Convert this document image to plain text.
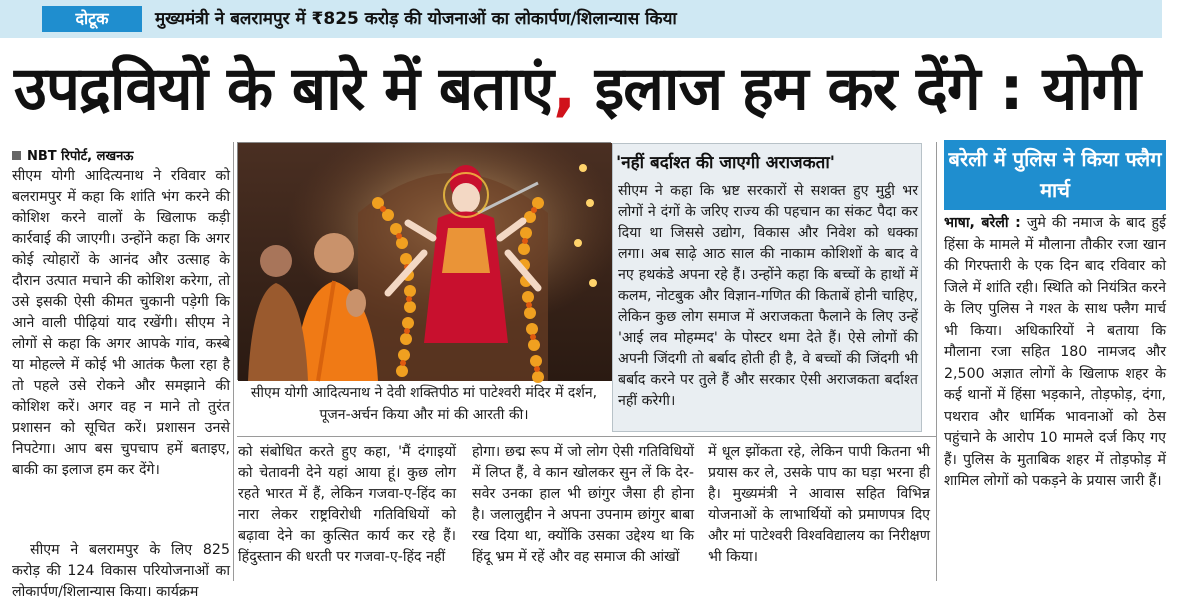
दोटूक	मुख्यमंत्री ने बलरामपुर में ₹825 करोड़ की योजनाओं का लोकार्पण/शिलान्यास किया
उपद्रवियों के बारे में बताएं, इलाज हम कर देंगे : योगी
NBT रिपोर्ट, लखनऊ
सीएम योगी आदित्यनाथ ने रविवार को बलरामपुर में कहा कि शांति भंग करने की कोशिश करने वालों के खिलाफ कड़ी कार्रवाई की जाएगी। उन्होंने कहा कि अगर कोई त्योहारों के आनंद और उत्साह के दौरान उत्पात मचाने की कोशिश करेगा, तो उसे इसकी ऐसी कीमत चुकानी पड़ेगी कि आने वाली पीढ़ियां याद रखेंगी। सीएम ने लोगों से कहा कि अगर आपके गांव, कस्बे या मोहल्ले में कोई भी आतंक फैला रहा है तो पहले उसे रोकने और समझाने की कोशिश करें। अगर वह न माने तो तुरंत प्रशासन को सूचित करें। प्रशासन उनसे निपटेगा। आप बस चुपचाप हमें बताइए, बाकी का इलाज हम कर देंगे।
सीएम ने बलरामपुर के लिए 825 करोड़ की 124 विकास परियोजनाओं का लोकार्पण/शिलान्यास किया। कार्यक्रम
सीएम योगी आदित्यनाथ ने देवी शक्तिपीठ मां पाटेश्वरी मंदिर में दर्शन, पूजन-अर्चन किया और मां की आरती की।
'नहीं बर्दाश्त की जाएगी अराजकता'
सीएम ने कहा कि भ्रष्ट सरकारों से सशक्त हुए मुट्ठी भर लोगों ने दंगों के जरिए राज्य की पहचान का संकट पैदा कर दिया था जिससे उद्योग, विकास और निवेश को धक्का लगा। अब साढ़े आठ साल की नाकाम कोशिशों के बाद वे नए हथकंडे अपना रहे हैं। उन्होंने कहा कि बच्चों के हाथों में कलम, नोटबुक और विज्ञान-गणित की किताबें होनी चाहिए, लेकिन कुछ लोग समाज में अराजकता फैलाने के लिए उन्हें 'आई लव मोहम्मद' के पोस्टर थमा देते हैं। ऐसे लोगों की अपनी जिंदगी तो बर्बाद होती ही है, वे बच्चों की जिंदगी भी बर्बाद करने पर तुले हैं और सरकार ऐसी अराजकता बर्दाश्त नहीं करेगी।
को संबोधित करते हुए कहा, 'मैं दंगाइयों को चेतावनी देने यहां आया हूं। कुछ लोग रहते भारत में हैं, लेकिन गजवा-ए-हिंद का नारा लेकर राष्ट्रविरोधी गतिविधियों को बढ़ावा देने का कुत्सित कार्य कर रहे हैं। हिंदुस्तान की धरती पर गजवा-ए-हिंद नहीं
होगा। छद्म रूप में जो लोग ऐसी गतिविधियों में लिप्त हैं, वे कान खोलकर सुन लें कि देर-सवेर उनका हाल भी छांगुर जैसा ही होना है। जलालुद्दीन ने अपना उपनाम छांगुर बाबा रख दिया था, क्योंकि उसका उद्देश्य था कि हिंदू भ्रम में रहें और वह समाज की आंखों
में धूल झोंकता रहे, लेकिन पापी कितना भी प्रयास कर ले, उसके पाप का घड़ा भरना ही है। मुख्यमंत्री ने आवास सहित विभिन्न योजनाओं के लाभार्थियों को प्रमाणपत्र दिए और मां पाटेश्वरी विश्वविद्यालय का निरीक्षण भी किया।
बरेली में पुलिस ने किया फ्लैग मार्च
भाषा, बरेली : जुमे की नमाज के बाद हुई हिंसा के मामले में मौलाना तौकीर रजा खान की गिरफ्तारी के एक दिन बाद रविवार को जिले में शांति रही। स्थिति को नियंत्रित करने के लिए पुलिस ने गश्त के साथ फ्लैग मार्च भी किया। अधिकारियों ने बताया कि मौलाना रजा सहित 180 नामजद और 2,500 अज्ञात लोगों के खिलाफ शहर के कई थानों में हिंसा भड़काने, तोड़फोड़, दंगा, पथराव और धार्मिक भावनाओं को ठेस पहुंचाने के आरोप 10 मामले दर्ज किए गए हैं। पुलिस के मुताबिक शहर में तोड़फोड़ में शामिल लोगों को पकड़ने के प्रयास जारी हैं।
